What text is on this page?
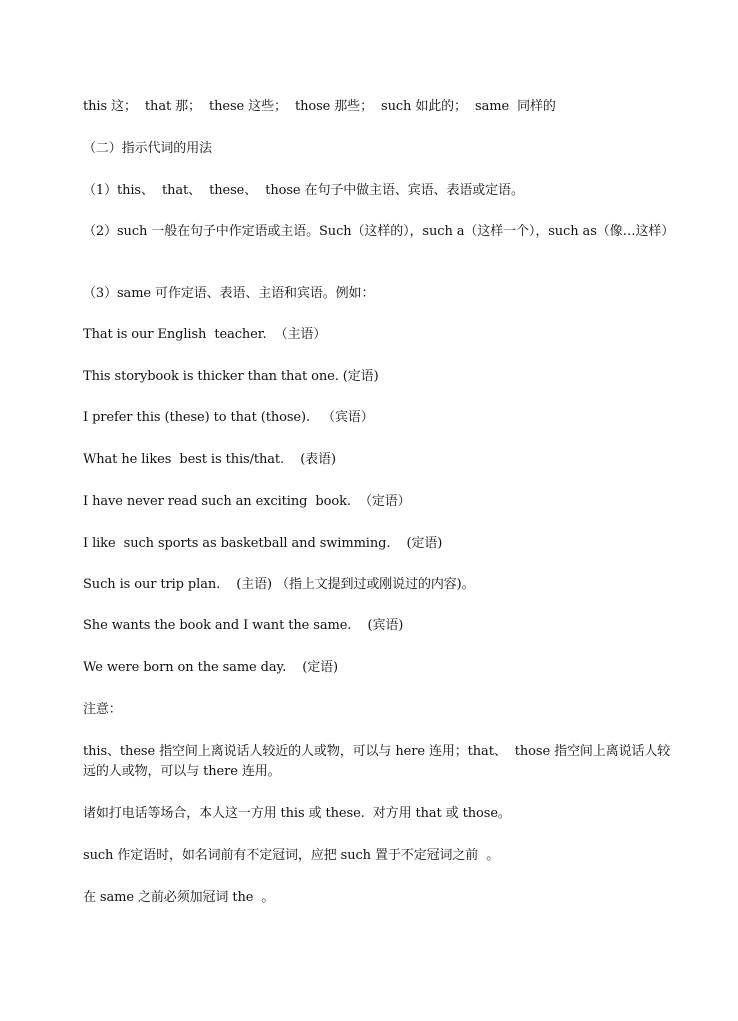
this 这；  that 那；  these 这些；  those 那些；  such 如此的；  same  同样的
（二）指示代词的用法
（1）this、  that、  these、  those 在句子中做主语、宾语、表语或定语。
（2）such 一般在句子中作定语或主语。Such（这样的），such a（这样一个），such as（像…这样）
（3）same 可作定语、表语、主语和宾语。例如：
That is our English  teacher.  （主语）
This storybook is thicker than that one. (定语)
I prefer this (these) to that (those).   （宾语）
What he likes  best is this/that.    (表语)
I have never read such an exciting  book.  （定语）
I like  such sports as basketball and swimming.    (定语)
Such is our trip plan.    (主语) （指上文提到过或刚说过的内容)。
She wants the book and I want the same.    (宾语)
We were born on the same day.    (定语)
注意：
this、these 指空间上离说话人较近的人或物，可以与 here 连用；that、  those 指空间上离说话人较远的人或物，可以与 there 连用。
诸如打电话等场合，本人这一方用 this 或 these.  对方用 that 或 those。
such 作定语时，如名词前有不定冠词，应把 such 置于不定冠词之前  。
在 same 之前必须加冠词 the  。
